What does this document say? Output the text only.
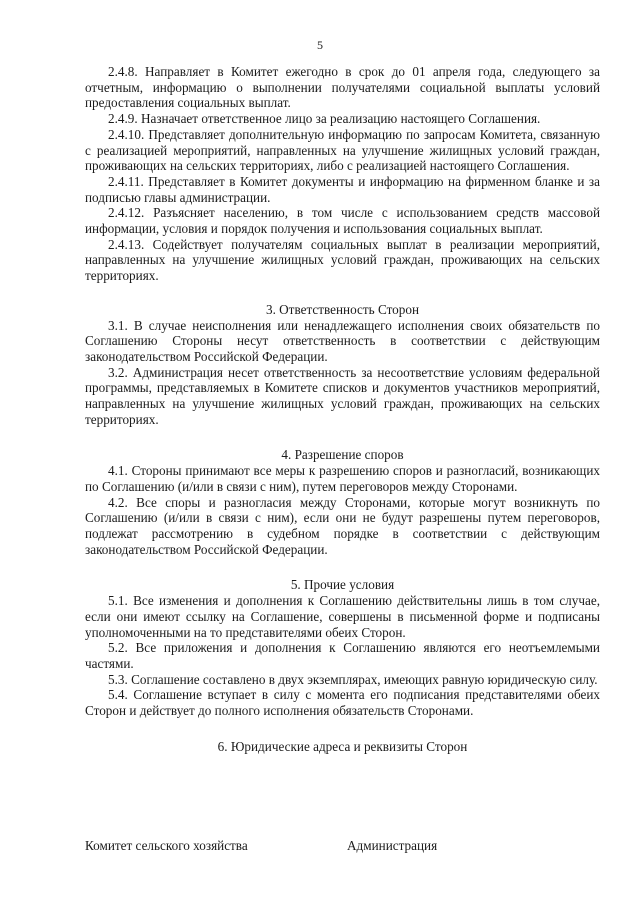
5

2.4.8. Направляет в Комитет ежегодно в срок до 01 апреля года, следующего за отчетным, информацию о выполнении получателями социальной выплаты условий предоставления социальных выплат.

2.4.9. Назначает ответственное лицо за реализацию настоящего Соглашения.

2.4.10. Представляет дополнительную информацию по запросам Комитета, связанную с реализацией мероприятий, направленных на улучшение жилищных условий граждан, проживающих на сельских территориях, либо с реализацией настоящего Соглашения.

2.4.11. Представляет в Комитет документы и информацию на фирменном бланке и за подписью главы администрации.

2.4.12. Разъясняет населению, в том числе с использованием средств массовой информации, условия и порядок получения и использования социальных выплат.

2.4.13. Содействует получателям социальных выплат в реализации мероприятий, направленных на улучшение жилищных условий граждан, проживающих на сельских территориях.

3. Ответственность Сторон

3.1. В случае неисполнения или ненадлежащего исполнения своих обязательств по Соглашению Стороны несут ответственность в соответствии с действующим законодательством Российской Федерации.

3.2. Администрация несет ответственность за несоответствие условиям федеральной программы, представляемых в Комитете списков и документов участников мероприятий, направленных на улучшение жилищных условий граждан, проживающих на сельских территориях.

4. Разрешение споров

4.1. Стороны принимают все меры к разрешению споров и разногласий, возникающих по Соглашению (и/или в связи с ним), путем переговоров между Сторонами.

4.2. Все споры и разногласия между Сторонами, которые могут возникнуть по Соглашению (и/или в связи с ним), если они не будут разрешены путем переговоров, подлежат рассмотрению в судебном порядке в соответствии с действующим законодательством Российской Федерации.

5. Прочие условия

5.1. Все изменения и дополнения к Соглашению действительны лишь в том случае, если они имеют ссылку на Соглашение, совершены в письменной форме и подписаны уполномоченными на то представителями обеих Сторон.

5.2. Все приложения и дополнения к Соглашению являются его неотъемлемыми частями.

5.3. Соглашение составлено в двух экземплярах, имеющих равную юридическую силу.

5.4. Соглашение вступает в силу с момента его подписания представителями обеих Сторон и действует до полного исполнения обязательств Сторонами.

6. Юридические адреса и реквизиты Сторон
Комитет сельского хозяйства	Администрация
